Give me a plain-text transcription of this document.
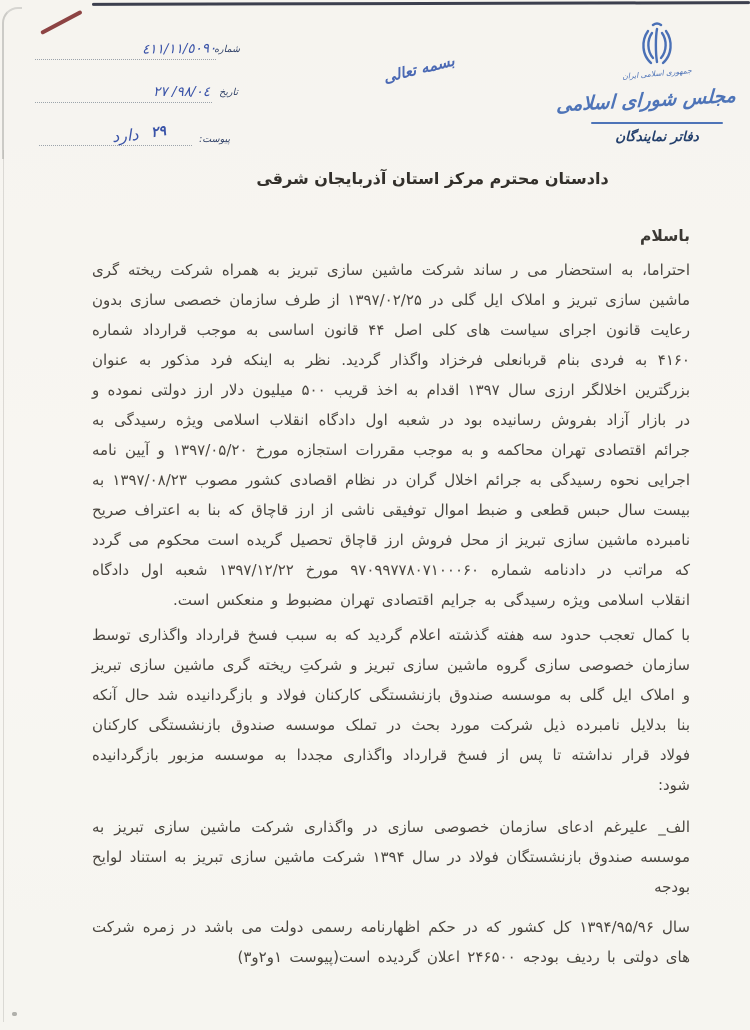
شماره
٤١١/١١/٥٠٩٠
تاریخ
٩٨/٠٤/ ٢٧
پیوست:
۲۹
دارد
بسمه تعالی	جمهوری اسلامی ایران
مجلس شورای اسلامی
دفاتر نمایندگان
دادستان محترم مرکز استان آذربایجان شرقی
باسلام

احتراما، به استحضار می ر ساند شرکت ماشین سازی تبریز به همراه شرکت ریخته گری ماشین سازی تبریز و املاک ایل گلی در ۱۳۹۷/۰۲/۲۵ از طرف سازمان خصصی سازی بدون رعایت قانون اجرای سیاست های کلی اصل ۴۴ قانون اساسی به موجب قرارداد شماره ۴۱۶۰ به فردی بنام قربانعلی فرخزاد واگذار گردید. نظر به اینکه فرد مذکور به عنوان بزرگترین اخلالگر ارزی سال ۱۳۹۷ اقدام به اخذ قریب ۵۰۰ میلیون دلار ارز دولتی نموده و در بازار آزاد بفروش رسانیده بود در شعبه اول دادگاه انقلاب اسلامی ویژه رسیدگی به جرائم اقتصادی تهران محاکمه و به موجب مقررات استجازه مورخ ۱۳۹۷/۰۵/۲۰ و آیین نامه اجرایی نحوه رسیدگی به جرائم اخلال گران در نظام اقصادی کشور مصوب ۱۳۹۷/۰۸/۲۳ به بیست سال حبس قطعی و ضبط اموال توفیقی ناشی از ارز قاچاق که بنا به اعتراف صریح نامبرده ماشین سازی تبریز از محل فروش ارز قاچاق تحصیل گریده است محکوم می گردد که مراتب در دادنامه شماره ۹۷۰۹۹۷۷۸۰۷۱۰۰۰۶۰ مورخ ۱۳۹۷/۱۲/۲۲ شعبه اول دادگاه انقلاب اسلامی ویژه رسیدگی به جرایم اقتصادی تهران مضبوط و منعکس است.

با کمال تعجب حدود سه هفته گذشته اعلام گردید که به سبب فسخ قرارداد واگذاری توسط سازمان خصوصی سازی گروه ماشین سازی تبریز و شرکتِ ریخته گری ماشین سازی تبریز و املاک ایل گلی به موسسه صندوق بازنشستگی کارکنان فولاد و بازگردانیده شد حال آنکه بنا بدلایل نامبرده ذیل شرکت مورد بحث در تملک موسسه صندوق بازنشستگی کارکنان فولاد قرار نداشته تا پس از فسخ قرارداد واگذاری مجددا به موسسه مزبور بازگردانیده شود:

الف_ علیرغم ادعای سازمان خصوصی سازی در واگذاری شرکت ماشین سازی تبریز به موسسه صندوق بازنشستگان فولاد در سال ۱۳۹۴ شرکت ماشین سازی تبریز به استناد لوایح بودجه

سال ۱۳۹۴/۹۵/۹۶ کل کشور که در حکم اظهارنامه رسمی دولت می باشد در زمره شرکت های دولتی با ردیف بودجه ۲۴۶۵۰۰ اعلان گردیده است(پیوست ۱و۲و۳)
